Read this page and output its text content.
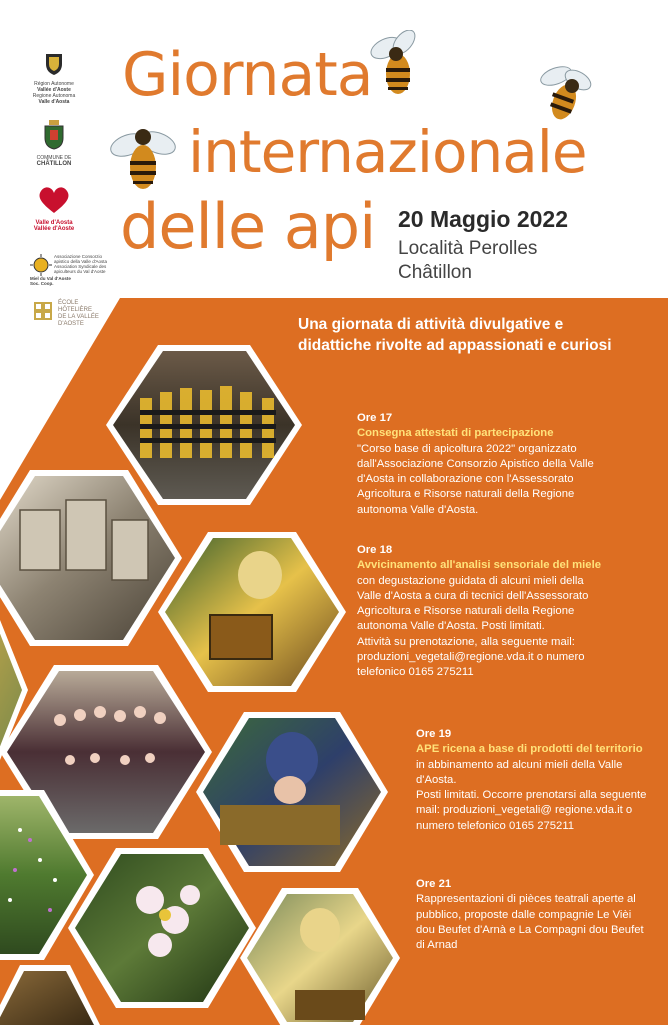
Région Autonome
Vallée d'Aoste
Regione Autonoma
Valle d'Aosta
COMMUNE DE
CHÂTILLON
Valle d'Aosta
Vallée d'Aoste
Associazione Consorzio
apistico della Valle d'Aosta
Association Syndicale des
apiculteurs du Val d'Aoste
Miel du Val d'Aoste
Soc. Coop.
ÉCOLE
HÔTELIÈRE
DE LA VALLÉE
D'AOSTE
Giornata
internazionale
delle api 20 Maggio 2022
Località Perolles
Châtillon
Una giornata di attività divulgative e didattiche rivolte ad appassionati e curiosi
Ore 17
Consegna attestati di partecipazione
"Corso base di apicoltura 2022" organizzato dall'Associazione Consorzio Apistico della Valle d'Aosta in collaborazione con l'Assessorato Agricoltura e Risorse naturali della Regione autonoma Valle d'Aosta.
Ore 18
Avvicinamento all'analisi sensoriale del miele con degustazione guidata di alcuni mieli della Valle d'Aosta a cura di tecnici dell'Assessorato Agricoltura e Risorse naturali della Regione autonoma Valle d'Aosta. Posti limitati.
Attività su prenotazione, alla seguente mail: produzioni_vegetali@regione.vda.it o numero telefonico 0165 275211
Ore 19
APE ricena a base di prodotti del territorio
in abbinamento ad alcuni mieli della Valle d'Aosta.
Posti limitati. Occorre prenotarsi alla seguente mail: produzioni_vegetali@ regione.vda.it o numero telefonico 0165 275211
Ore 21
Rappresentazioni di pièces teatrali aperte al pubblico, proposte dalle compagnie Le Vièi dou Beufet d'Arnà e La Compagni dou Beufet di Arnad
